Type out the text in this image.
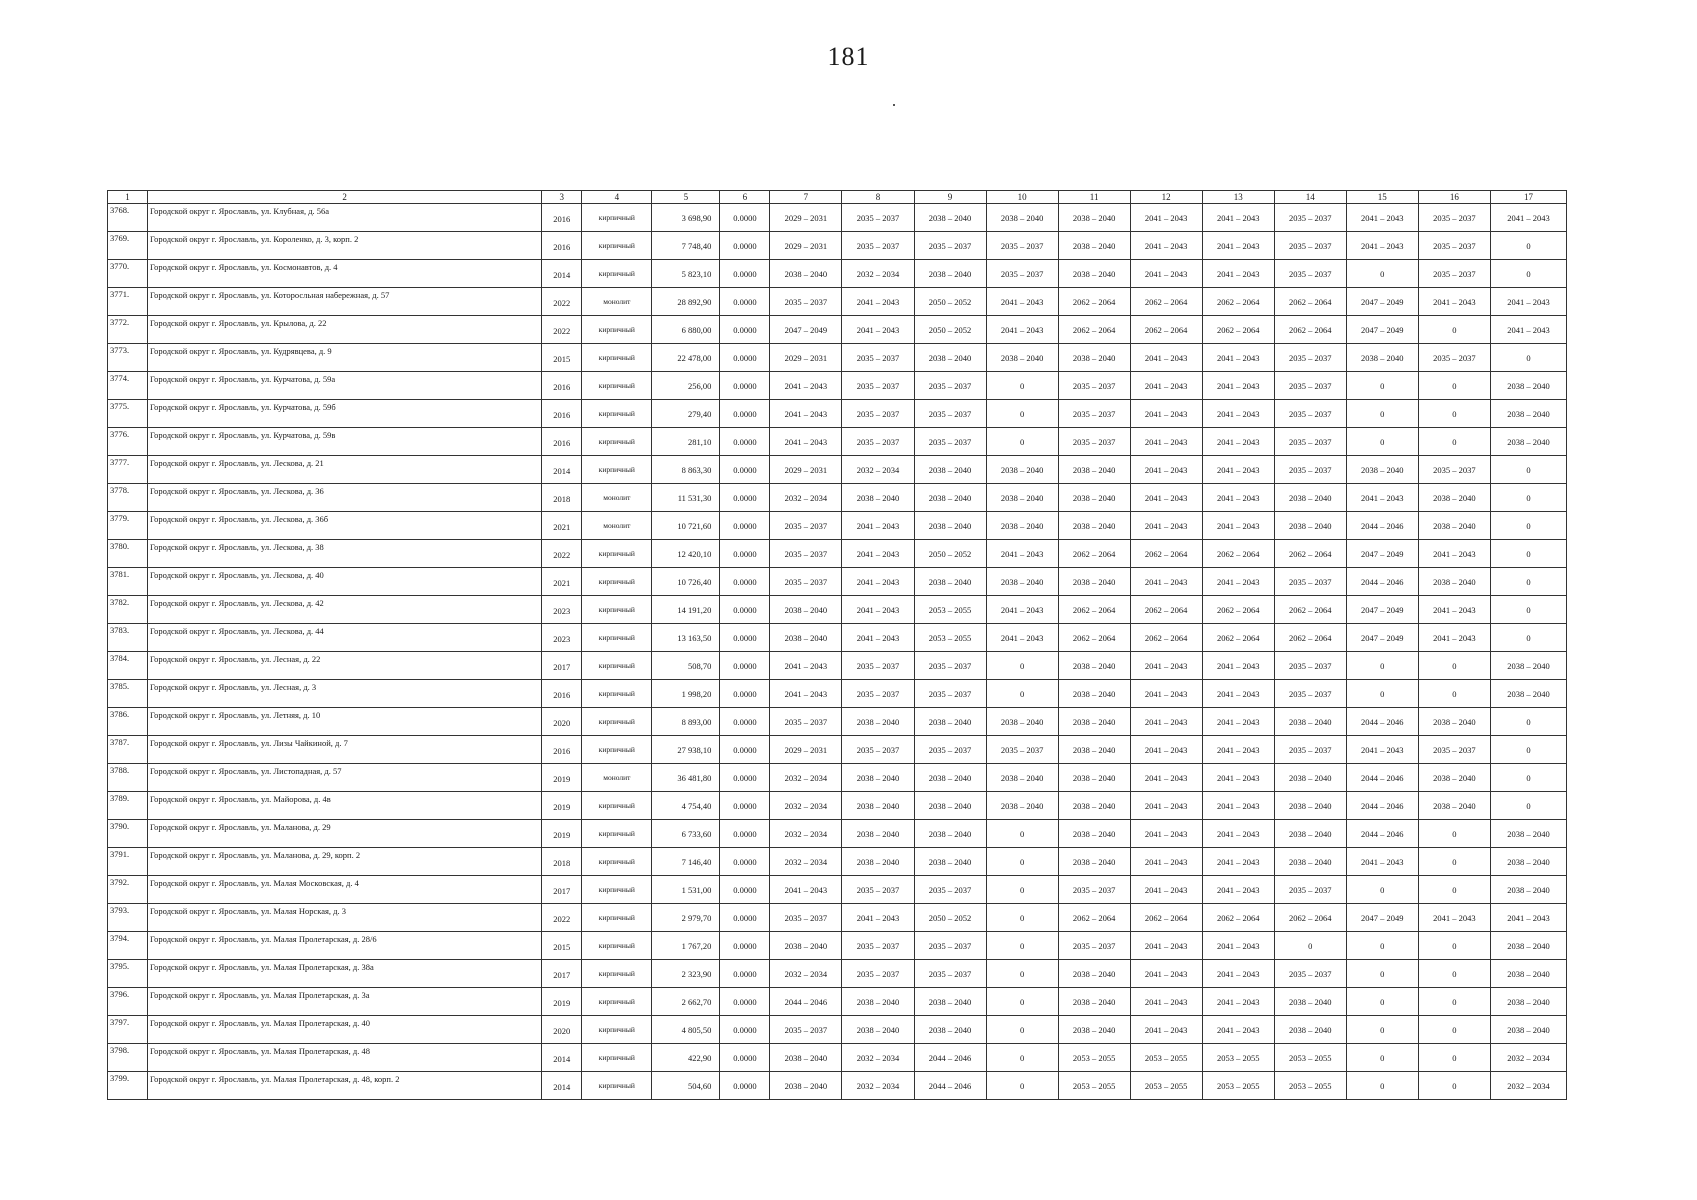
181
1	2	3	4	5	6	7	8	9	10	11	12	13	14	15	16	17
3768.	Городской округ г. Ярославль, ул. Клубная, д. 56а	2016	кирпичный	3 698,90	0.0000	2029 – 2031	2035 – 2037	2038 – 2040	2038 – 2040	2038 – 2040	2041 – 2043	2041 – 2043	2035 – 2037	2041 – 2043	2035 – 2037	2041 – 2043
3769.	Городской округ г. Ярославль, ул. Короленко, д. 3, корп. 2	2016	кирпичный	7 748,40	0.0000	2029 – 2031	2035 – 2037	2035 – 2037	2035 – 2037	2038 – 2040	2041 – 2043	2041 – 2043	2035 – 2037	2041 – 2043	2035 – 2037	0
3770.	Городской округ г. Ярославль, ул. Космонавтов, д. 4	2014	кирпичный	5 823,10	0.0000	2038 – 2040	2032 – 2034	2038 – 2040	2035 – 2037	2038 – 2040	2041 – 2043	2041 – 2043	2035 – 2037	0	2035 – 2037	0
3771.	Городской округ г. Ярославль, ул. Которосльная набережная, д. 57	2022	монолит	28 892,90	0.0000	2035 – 2037	2041 – 2043	2050 – 2052	2041 – 2043	2062 – 2064	2062 – 2064	2062 – 2064	2062 – 2064	2047 – 2049	2041 – 2043	2041 – 2043
3772.	Городской округ г. Ярославль, ул. Крылова, д. 22	2022	кирпичный	6 880,00	0.0000	2047 – 2049	2041 – 2043	2050 – 2052	2041 – 2043	2062 – 2064	2062 – 2064	2062 – 2064	2062 – 2064	2047 – 2049	0	2041 – 2043
3773.	Городской округ г. Ярославль, ул. Кудрявцева, д. 9	2015	кирпичный	22 478,00	0.0000	2029 – 2031	2035 – 2037	2038 – 2040	2038 – 2040	2038 – 2040	2041 – 2043	2041 – 2043	2035 – 2037	2038 – 2040	2035 – 2037	0
3774.	Городской округ г. Ярославль, ул. Курчатова, д. 59а	2016	кирпичный	256,00	0.0000	2041 – 2043	2035 – 2037	2035 – 2037	0	2035 – 2037	2041 – 2043	2041 – 2043	2035 – 2037	0	0	2038 – 2040
3775.	Городской округ г. Ярославль, ул. Курчатова, д. 59б	2016	кирпичный	279,40	0.0000	2041 – 2043	2035 – 2037	2035 – 2037	0	2035 – 2037	2041 – 2043	2041 – 2043	2035 – 2037	0	0	2038 – 2040
3776.	Городской округ г. Ярославль, ул. Курчатова, д. 59в	2016	кирпичный	281,10	0.0000	2041 – 2043	2035 – 2037	2035 – 2037	0	2035 – 2037	2041 – 2043	2041 – 2043	2035 – 2037	0	0	2038 – 2040
3777.	Городской округ г. Ярославль, ул. Лескова, д. 21	2014	кирпичный	8 863,30	0.0000	2029 – 2031	2032 – 2034	2038 – 2040	2038 – 2040	2038 – 2040	2041 – 2043	2041 – 2043	2035 – 2037	2038 – 2040	2035 – 2037	0
3778.	Городской округ г. Ярославль, ул. Лескова, д. 36	2018	монолит	11 531,30	0.0000	2032 – 2034	2038 – 2040	2038 – 2040	2038 – 2040	2038 – 2040	2041 – 2043	2041 – 2043	2038 – 2040	2041 – 2043	2038 – 2040	0
3779.	Городской округ г. Ярославль, ул. Лескова, д. 36б	2021	монолит	10 721,60	0.0000	2035 – 2037	2041 – 2043	2038 – 2040	2038 – 2040	2038 – 2040	2041 – 2043	2041 – 2043	2038 – 2040	2044 – 2046	2038 – 2040	0
3780.	Городской округ г. Ярославль, ул. Лескова, д. 38	2022	кирпичный	12 420,10	0.0000	2035 – 2037	2041 – 2043	2050 – 2052	2041 – 2043	2062 – 2064	2062 – 2064	2062 – 2064	2062 – 2064	2047 – 2049	2041 – 2043	0
3781.	Городской округ г. Ярославль, ул. Лескова, д. 40	2021	кирпичный	10 726,40	0.0000	2035 – 2037	2041 – 2043	2038 – 2040	2038 – 2040	2038 – 2040	2041 – 2043	2041 – 2043	2035 – 2037	2044 – 2046	2038 – 2040	0
3782.	Городской округ г. Ярославль, ул. Лескова, д. 42	2023	кирпичный	14 191,20	0.0000	2038 – 2040	2041 – 2043	2053 – 2055	2041 – 2043	2062 – 2064	2062 – 2064	2062 – 2064	2062 – 2064	2047 – 2049	2041 – 2043	0
3783.	Городской округ г. Ярославль, ул. Лескова, д. 44	2023	кирпичный	13 163,50	0.0000	2038 – 2040	2041 – 2043	2053 – 2055	2041 – 2043	2062 – 2064	2062 – 2064	2062 – 2064	2062 – 2064	2047 – 2049	2041 – 2043	0
3784.	Городской округ г. Ярославль, ул. Лесная, д. 22	2017	кирпичный	508,70	0.0000	2041 – 2043	2035 – 2037	2035 – 2037	0	2038 – 2040	2041 – 2043	2041 – 2043	2035 – 2037	0	0	2038 – 2040
3785.	Городской округ г. Ярославль, ул. Лесная, д. 3	2016	кирпичный	1 998,20	0.0000	2041 – 2043	2035 – 2037	2035 – 2037	0	2038 – 2040	2041 – 2043	2041 – 2043	2035 – 2037	0	0	2038 – 2040
3786.	Городской округ г. Ярославль, ул. Летняя, д. 10	2020	кирпичный	8 893,00	0.0000	2035 – 2037	2038 – 2040	2038 – 2040	2038 – 2040	2038 – 2040	2041 – 2043	2041 – 2043	2038 – 2040	2044 – 2046	2038 – 2040	0
3787.	Городской округ г. Ярославль, ул. Лизы Чайкиной, д. 7	2016	кирпичный	27 938,10	0.0000	2029 – 2031	2035 – 2037	2035 – 2037	2035 – 2037	2038 – 2040	2041 – 2043	2041 – 2043	2035 – 2037	2041 – 2043	2035 – 2037	0
3788.	Городской округ г. Ярославль, ул. Листопадная, д. 57	2019	монолит	36 481,80	0.0000	2032 – 2034	2038 – 2040	2038 – 2040	2038 – 2040	2038 – 2040	2041 – 2043	2041 – 2043	2038 – 2040	2044 – 2046	2038 – 2040	0
3789.	Городской округ г. Ярославль, ул. Майорова, д. 4в	2019	кирпичный	4 754,40	0.0000	2032 – 2034	2038 – 2040	2038 – 2040	2038 – 2040	2038 – 2040	2041 – 2043	2041 – 2043	2038 – 2040	2044 – 2046	2038 – 2040	0
3790.	Городской округ г. Ярославль, ул. Маланова, д. 29	2019	кирпичный	6 733,60	0.0000	2032 – 2034	2038 – 2040	2038 – 2040	0	2038 – 2040	2041 – 2043	2041 – 2043	2038 – 2040	2044 – 2046	0	2038 – 2040
3791.	Городской округ г. Ярославль, ул. Маланова, д. 29, корп. 2	2018	кирпичный	7 146,40	0.0000	2032 – 2034	2038 – 2040	2038 – 2040	0	2038 – 2040	2041 – 2043	2041 – 2043	2038 – 2040	2041 – 2043	0	2038 – 2040
3792.	Городской округ г. Ярославль, ул. Малая Московская, д. 4	2017	кирпичный	1 531,00	0.0000	2041 – 2043	2035 – 2037	2035 – 2037	0	2035 – 2037	2041 – 2043	2041 – 2043	2035 – 2037	0	0	2038 – 2040
3793.	Городской округ г. Ярославль, ул. Малая Норская, д. 3	2022	кирпичный	2 979,70	0.0000	2035 – 2037	2041 – 2043	2050 – 2052	0	2062 – 2064	2062 – 2064	2062 – 2064	2062 – 2064	2047 – 2049	2041 – 2043	2041 – 2043
3794.	Городской округ г. Ярославль, ул. Малая Пролетарская, д. 28/6	2015	кирпичный	1 767,20	0.0000	2038 – 2040	2035 – 2037	2035 – 2037	0	2035 – 2037	2041 – 2043	2041 – 2043	0	0	0	2038 – 2040
3795.	Городской округ г. Ярославль, ул. Малая Пролетарская, д. 38а	2017	кирпичный	2 323,90	0.0000	2032 – 2034	2035 – 2037	2035 – 2037	0	2038 – 2040	2041 – 2043	2041 – 2043	2035 – 2037	0	0	2038 – 2040
3796.	Городской округ г. Ярославль, ул. Малая Пролетарская, д. 3а	2019	кирпичный	2 662,70	0.0000	2044 – 2046	2038 – 2040	2038 – 2040	0	2038 – 2040	2041 – 2043	2041 – 2043	2038 – 2040	0	0	2038 – 2040
3797.	Городской округ г. Ярославль, ул. Малая Пролетарская, д. 40	2020	кирпичный	4 805,50	0.0000	2035 – 2037	2038 – 2040	2038 – 2040	0	2038 – 2040	2041 – 2043	2041 – 2043	2038 – 2040	0	0	2038 – 2040
3798.	Городской округ г. Ярославль, ул. Малая Пролетарская, д. 48	2014	кирпичный	422,90	0.0000	2038 – 2040	2032 – 2034	2044 – 2046	0	2053 – 2055	2053 – 2055	2053 – 2055	2053 – 2055	0	0	2032 – 2034
3799.	Городской округ г. Ярославль, ул. Малая Пролетарская, д. 48, корп. 2	2014	кирпичный	504,60	0.0000	2038 – 2040	2032 – 2034	2044 – 2046	0	2053 – 2055	2053 – 2055	2053 – 2055	2053 – 2055	0	0	2032 – 2034
